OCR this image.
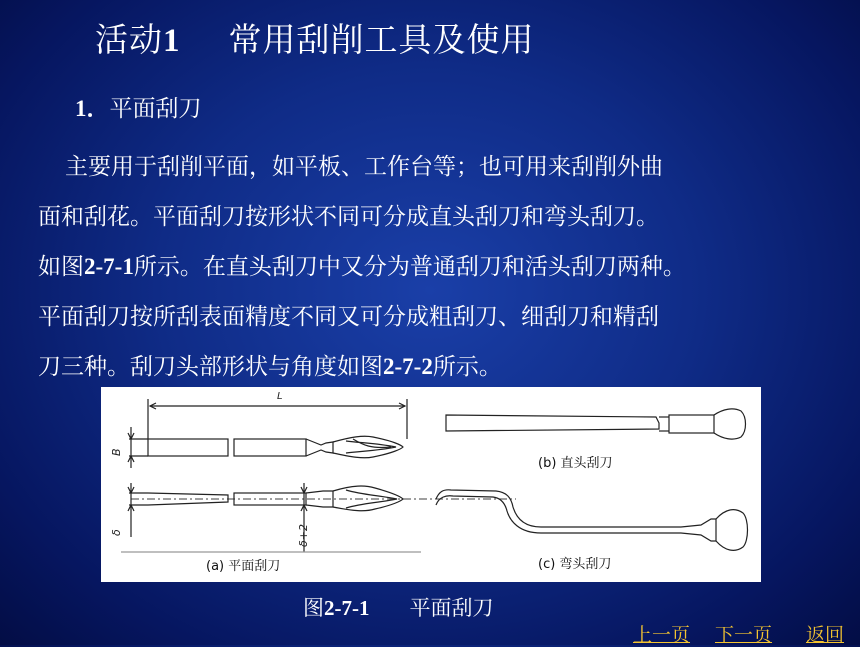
活动1 常用刮削工具及使用
1．平面刮刀
主要用于刮削平面，如平板、工作台等；也可用来刮削外曲
面和刮花。平面刮刀按形状不同可分成直头刮刀和弯头刮刀。
如图2-7-1所示。在直头刮刀中又分为普通刮刀和活头刮刀两种。
平面刮刀按所刮表面精度不同又可分成粗刮刀、细刮刀和精刮
刀三种。刮刀头部形状与角度如图2-7-2所示。
L
B
δ	δ+2
(a) 平面刮刀
(b) 直头刮刀
(c) 弯头刮刀
图2-7-1 平面刮刀
上一页 下一页 返回
